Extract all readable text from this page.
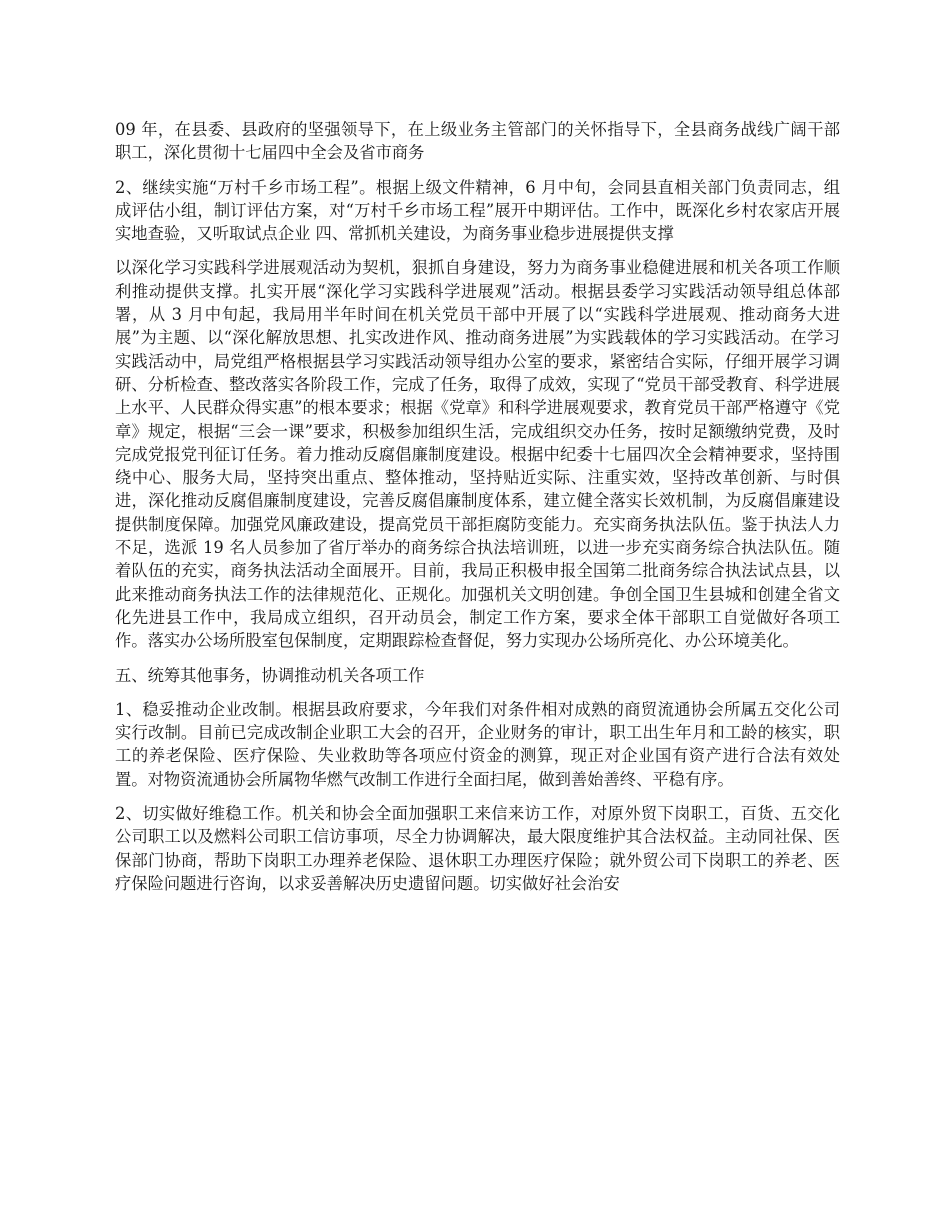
09 年，在县委、县政府的坚强领导下，在上级业务主管部门的关怀指导下，全县商务战线广阔干部职工，深化贯彻十七届四中全会及省市商务

2、继续实施“万村千乡市场工程”。根据上级文件精神，6 月中旬，会同县直相关部门负责同志，组成评估小组，制订评估方案，对“万村千乡市场工程”展开中期评估。工作中，既深化乡村农家店开展实地查验，又听取试点企业 四、常抓机关建设，为商务事业稳步进展提供支撑

以深化学习实践科学进展观活动为契机，狠抓自身建设，努力为商务事业稳健进展和机关各项工作顺利推动提供支撑。扎实开展“深化学习实践科学进展观”活动。根据县委学习实践活动领导组总体部署，从 3 月中旬起，我局用半年时间在机关党员干部中开展了以“实践科学进展观、推动商务大进展”为主题、以“深化解放思想、扎实改进作风、推动商务进展”为实践载体的学习实践活动。在学习实践活动中，局党组严格根据县学习实践活动领导组办公室的要求，紧密结合实际，仔细开展学习调研、分析检查、整改落实各阶段工作，完成了任务，取得了成效，实现了“党员干部受教育、科学进展上水平、人民群众得实惠”的根本要求；根据《党章》和科学进展观要求，教育党员干部严格遵守《党章》规定，根据“三会一课”要求，积极参加组织生活，完成组织交办任务，按时足额缴纳党费，及时完成党报党刊征订任务。着力推动反腐倡廉制度建设。根据中纪委十七届四次全会精神要求，坚持围绕中心、服务大局，坚持突出重点、整体推动，坚持贴近实际、注重实效，坚持改革创新、与时俱进，深化推动反腐倡廉制度建设，完善反腐倡廉制度体系，建立健全落实长效机制，为反腐倡廉建设提供制度保障。加强党风廉政建设，提高党员干部拒腐防变能力。充实商务执法队伍。鉴于执法人力不足，选派 19 名人员参加了省厅举办的商务综合执法培训班，以进一步充实商务综合执法队伍。随着队伍的充实，商务执法活动全面展开。目前，我局正积极申报全国第二批商务综合执法试点县，以此来推动商务执法工作的法律规范化、正规化。加强机关文明创建。争创全国卫生县城和创建全省文化先进县工作中，我局成立组织，召开动员会，制定工作方案，要求全体干部职工自觉做好各项工作。落实办公场所股室包保制度，定期跟踪检查督促，努力实现办公场所亮化、办公环境美化。

五、统筹其他事务，协调推动机关各项工作

1、稳妥推动企业改制。根据县政府要求，今年我们对条件相对成熟的商贸流通协会所属五交化公司实行改制。目前已完成改制企业职工大会的召开，企业财务的审计，职工出生年月和工龄的核实，职工的养老保险、医疗保险、失业救助等各项应付资金的测算，现正对企业国有资产进行合法有效处置。对物资流通协会所属物华燃气改制工作进行全面扫尾，做到善始善终、平稳有序。

2、切实做好维稳工作。机关和协会全面加强职工来信来访工作，对原外贸下岗职工，百货、五交化公司职工以及燃料公司职工信访事项，尽全力协调解决，最大限度维护其合法权益。主动同社保、医保部门协商，帮助下岗职工办理养老保险、退休职工办理医疗保险；就外贸公司下岗职工的养老、医疗保险问题进行咨询，以求妥善解决历史遗留问题。切实做好社会治安
